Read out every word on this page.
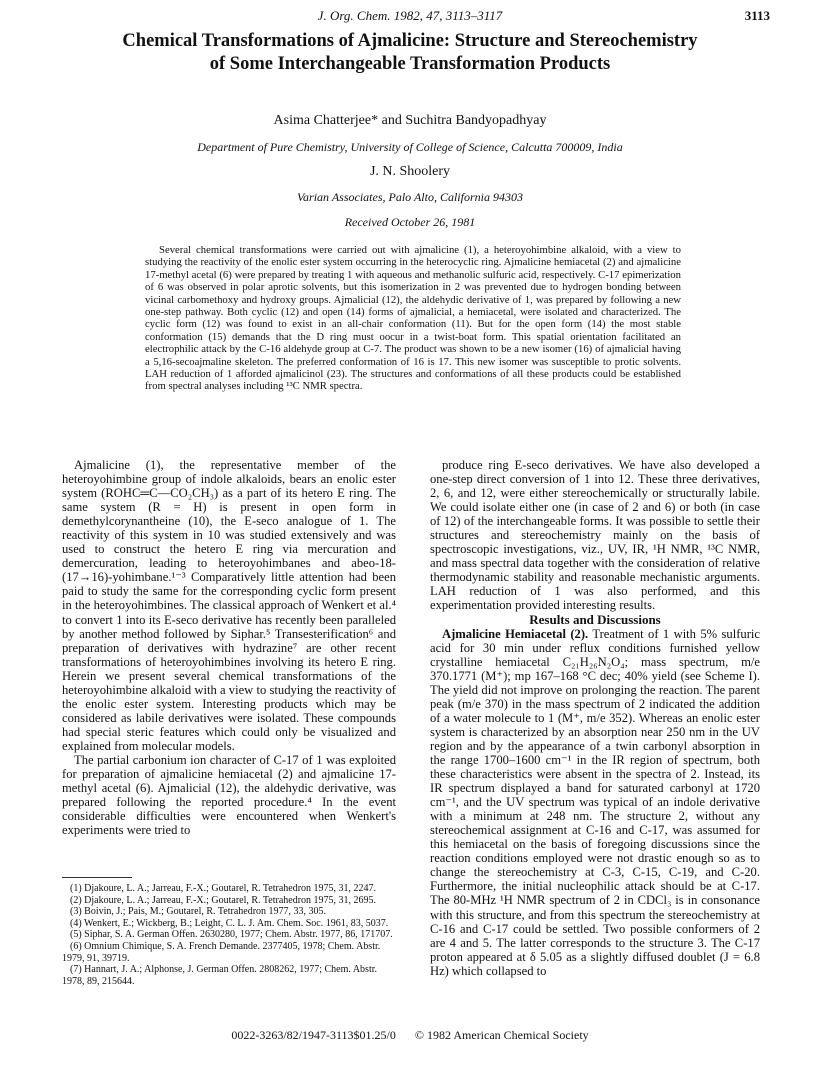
J. Org. Chem. 1982, 47, 3113–3117	3113
Chemical Transformations of Ajmalicine: Structure and Stereochemistry
of Some Interchangeable Transformation Products
Asima Chatterjee* and Suchitra Bandyopadhyay
Department of Pure Chemistry, University of College of Science, Calcutta 700009, India
J. N. Shoolery
Varian Associates, Palo Alto, California 94303
Received October 26, 1981

Several chemical transformations were carried out with ajmalicine (1), a heteroyohimbine alkaloid, with a view to studying the reactivity of the enolic ester system occurring in the heterocyclic ring. Ajmalicine hemiacetal (2) and ajmalicine 17-methyl acetal (6) were prepared by treating 1 with aqueous and methanolic sulfuric acid, respectively. C-17 epimerization of 6 was observed in polar aprotic solvents, but this isomerization in 2 was prevented due to hydrogen bonding between vicinal carbomethoxy and hydroxy groups. Ajmalicial (12), the aldehydic derivative of 1, was prepared by following a new one-step pathway. Both cyclic (12) and open (14) forms of ajmalicial, a hemiacetal, were isolated and characterized. The cyclic form (12) was found to exist in an all-chair conformation (11). But for the open form (14) the most stable conformation (15) demands that the D ring must oocur in a twist-boat form. This spatial orientation facilitated an electrophilic attack by the C-16 aldehyde group at C-7. The product was shown to be a new isomer (16) of ajmalicial having a 5,16-secoajmaline skeleton. The preferred conformation of 16 is 17. This new isomer was susceptible to protic solvents. LAH reduction of 1 afforded ajmalicinol (23). The structures and conformations of all these products could be established from spectral analyses including ¹³C NMR spectra.

Ajmalicine (1), the representative member of the heteroyohimbine group of indole alkaloids, bears an enolic ester system (ROHC═C—CO₂CH₃) as a part of its hetero E ring. The same system (R = H) is present in open form in demethylcorynantheine (10), the E-seco analogue of 1. The reactivity of this system in 10 was studied extensively and was used to construct the hetero E ring via mercuration and demercuration, leading to heteroyohimbanes and abeo-18-(17→16)-yohimbane.¹⁻³ Comparatively little attention had been paid to study the same for the corresponding cyclic form present in the heteroyohimbines. The classical approach of Wenkert et al.⁴ to convert 1 into its E-seco derivative has recently been paralleled by another method followed by Siphar.⁵ Transesterification⁶ and preparation of derivatives with hydrazine⁷ are other recent transformations of heteroyohimbines involving its hetero E ring. Herein we present several chemical transformations of the heteroyohimbine alkaloid with a view to studying the reactivity of the enolic ester system. Interesting products which may be considered as labile derivatives were isolated. These compounds had special steric features which could only be visualized and explained from molecular models.

The partial carbonium ion character of C-17 of 1 was exploited for preparation of ajmalicine hemiacetal (2) and ajmalicine 17-methyl acetal (6). Ajmalicial (12), the aldehydic derivative, was prepared following the reported procedure.⁴ In the event considerable difficulties were encountered when Wenkert's experiments were tried to

produce ring E-seco derivatives. We have also developed a one-step direct conversion of 1 into 12. These three derivatives, 2, 6, and 12, were either stereochemically or structurally labile. We could isolate either one (in case of 2 and 6) or both (in case of 12) of the interchangeable forms. It was possible to settle their structures and stereochemistry mainly on the basis of spectroscopic investigations, viz., UV, IR, ¹H NMR, ¹³C NMR, and mass spectral data together with the consideration of relative thermodynamic stability and reasonable mechanistic arguments. LAH reduction of 1 was also performed, and this experimentation provided interesting results.

Results and Discussions

Ajmalicine Hemiacetal (2). Treatment of 1 with 5% sulfuric acid for 30 min under reflux conditions furnished yellow crystalline hemiacetal C₂₁H₂₆N₂O₄; mass spectrum, m/e 370.1771 (M⁺); mp 167–168 °C dec; 40% yield (see Scheme I). The yield did not improve on prolonging the reaction. The parent peak (m/e 370) in the mass spectrum of 2 indicated the addition of a water molecule to 1 (M⁺, m/e 352). Whereas an enolic ester system is characterized by an absorption near 250 nm in the UV region and by the appearance of a twin carbonyl absorption in the range 1700–1600 cm⁻¹ in the IR region of spectrum, both these characteristics were absent in the spectra of 2. Instead, its IR spectrum displayed a band for saturated carbonyl at 1720 cm⁻¹, and the UV spectrum was typical of an indole derivative with a minimum at 248 nm. The structure 2, without any stereochemical assignment at C-16 and C-17, was assumed for this hemiacetal on the basis of foregoing discussions since the reaction conditions employed were not drastic enough so as to change the stereochemistry at C-3, C-15, C-19, and C-20. Furthermore, the initial nucleophilic attack should be at C-17. The 80-MHz ¹H NMR spectrum of 2 in CDCl₃ is in consonance with this structure, and from this spectrum the stereochemistry at C-16 and C-17 could be settled. Two possible conformers of 2 are 4 and 5. The latter corresponds to the structure 3. The C-17 proton appeared at δ 5.05 as a slightly diffused doublet (J = 6.8 Hz) which collapsed to

(1) Djakoure, L. A.; Jarreau, F.-X.; Goutarel, R. Tetrahedron 1975, 31, 2247.
(2) Djakoure, L. A.; Jarreau, F.-X.; Goutarel, R. Tetrahedron 1975, 31, 2695.
(3) Boivin, J.; Pais, M.; Goutarel, R. Tetrahedron 1977, 33, 305.
(4) Wenkert, E.; Wickberg, B.; Leight, C. L. J. Am. Chem. Soc. 1961, 83, 5037.
(5) Siphar, S. A. German Offen. 2630280, 1977; Chem. Abstr. 1977, 86, 171707.
(6) Omnium Chimique, S. A. French Demande. 2377405, 1978; Chem. Abstr. 1979, 91, 39719.
(7) Hannart, J. A.; Alphonse, J. German Offen. 2808262, 1977; Chem. Abstr. 1978, 89, 215644.
0022-3263/82/1947-3113$01.25/0 © 1982 American Chemical Society
